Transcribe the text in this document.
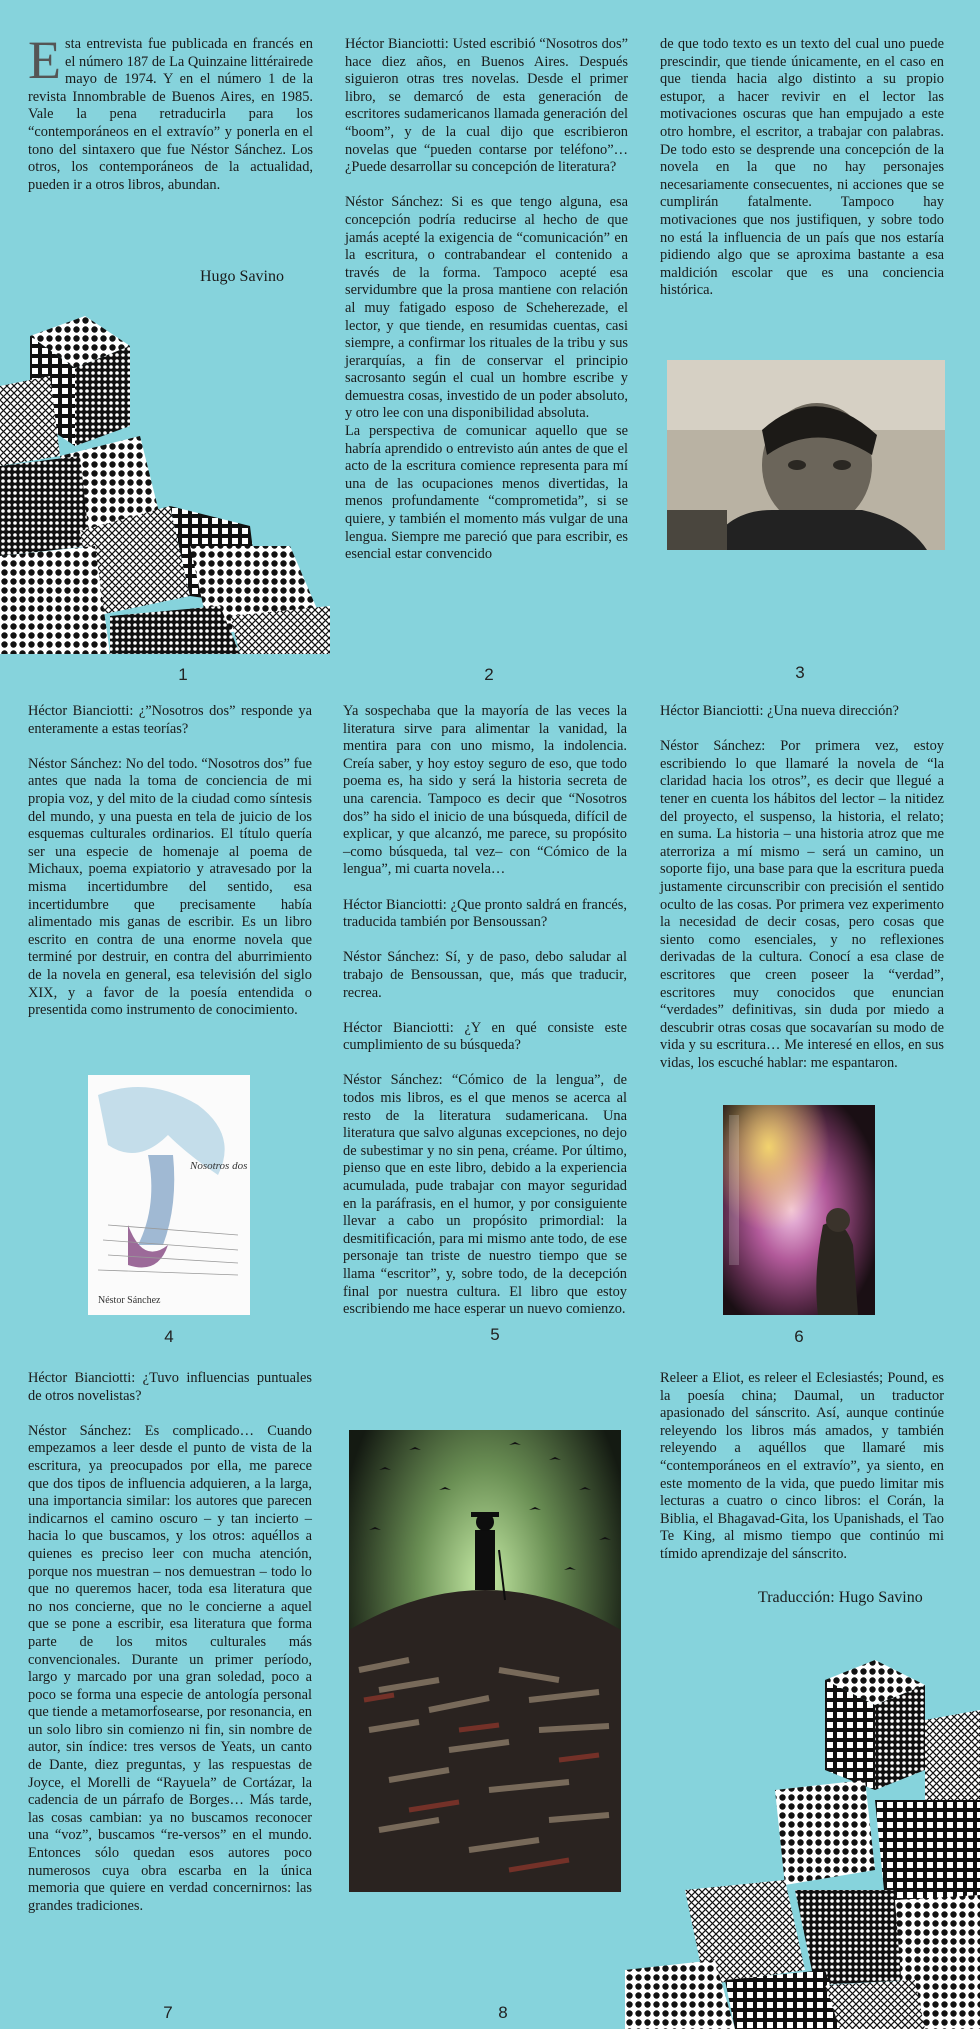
Esta entrevista fue publicada en francés en el número 187 de La Quinzaine littérairede mayo de 1974. Y en el número 1 de la revista Innombrable de Buenos Aires, en 1985. Vale la pena retraducirla para los “contemporáneos en el extravío” y ponerla en el tono del sintaxero que fue Néstor Sánchez. Los otros, los contemporáneos de la actualidad, pueden ir a otros libros, abundan.

Hugo Savino

Héctor Bianciotti: Usted escribió “Nosotros dos” hace diez años, en Buenos Aires. Después siguieron otras tres novelas. Desde el primer libro, se demarcó de esta generación de escritores sudamericanos llamada generación del “boom”, y de la cual dijo que escribieron novelas que “pueden contarse por teléfono”… ¿Puede desarrollar su concepción de literatura?

Néstor Sánchez: Si es que tengo alguna, esa concepción podría reducirse al hecho de que jamás acepté la exigencia de “comunicación” en la escritura, o contrabandear el contenido a través de la forma. Tampoco acepté esa servidumbre que la prosa mantiene con relación al muy fatigado esposo de Scheherezade, el lector, y que tiende, en resumidas cuentas, casi siempre, a confirmar los rituales de la tribu y sus jerarquías, a fin de conservar el principio sacrosanto según el cual un hombre escribe y demuestra cosas, investido de un poder absoluto, y otro lee con una disponibilidad absoluta.
La perspectiva de comunicar aquello que se habría aprendido o entrevisto aún antes de que el acto de la escritura comience representa para mí una de las ocupaciones menos divertidas, la menos profundamente “comprometida”, si se quiere, y también el momento más vulgar de una lengua. Siempre me pareció que para escribir, es esencial estar convencido

de que todo texto es un texto del cual uno puede prescindir, que tiende únicamente, en el caso en que tienda hacia algo distinto a su propio estupor, a hacer revivir en el lector las motivaciones oscuras que han empujado a este otro hombre, el escritor, a trabajar con palabras. De todo esto se desprende una concepción de la novela en la que no hay personajes necesariamente consecuentes, ni acciones que se cumplirán fatalmente. Tampoco hay motivaciones que nos justifiquen, y sobre todo no está la influencia de un país que nos estaría pidiendo algo que se aproxima bastante a esa maldición escolar que es una conciencia histórica.

1	2	3

Héctor Bianciotti: ¿”Nosotros dos” responde ya enteramente a estas teorías?

Néstor Sánchez: No del todo. “Nosotros dos” fue antes que nada la toma de conciencia de mi propia voz, y del mito de la ciudad como síntesis del mundo, y una puesta en tela de juicio de los esquemas culturales ordinarios. El título quería ser una especie de homenaje al poema de Michaux, poema expiatorio y atravesado por la misma incertidumbre del sentido, esa incertidumbre que precisamente había alimentado mis ganas de escribir. Es un libro escrito en contra de una enorme novela que terminé por destruir, en contra del aburrimiento de la novela en general, esa televisión del siglo XIX, y a favor de la poesía entendida o presentida como instrumento de conocimiento.

Nosotros dos
Néstor Sánchez

Ya sospechaba que la mayoría de las veces la literatura sirve para alimentar la vanidad, la mentira para con uno mismo, la indolencia. Creía saber, y hoy estoy seguro de eso, que todo poema es, ha sido y será la historia secreta de una carencia. Tampoco es decir que “Nosotros dos” ha sido el inicio de una búsqueda, difícil de explicar, y que alcanzó, me parece, su propósito –como búsqueda, tal vez– con “Cómico de la lengua”, mi cuarta novela…

Héctor Bianciotti: ¿Que pronto saldrá en francés, traducida también por Bensoussan?

Néstor Sánchez: Sí, y de paso, debo saludar al trabajo de Bensoussan, que, más que traducir, recrea.

Héctor Bianciotti: ¿Y en qué consiste este cumplimiento de su búsqueda?

Néstor Sánchez: “Cómico de la lengua”, de todos mis libros, es el que menos se acerca al resto de la literatura sudamericana. Una literatura que salvo algunas excepciones, no dejo de subestimar y no sin pena, créame. Por último, pienso que en este libro, debido a la experiencia acumulada, pude trabajar con mayor seguridad en la paráfrasis, en el humor, y por consiguiente llevar a cabo un propósito primordial: la desmitificación, para mi mismo ante todo, de ese personaje tan triste de nuestro tiempo que se llama “escritor”, y, sobre todo, de la decepción final por nuestra cultura. El libro que estoy escribiendo me hace esperar un nuevo comienzo.

Héctor Bianciotti: ¿Una nueva dirección?

Néstor Sánchez: Por primera vez, estoy escribiendo lo que llamaré la novela de “la claridad hacia los otros”, es decir que llegué a tener en cuenta los hábitos del lector – la nitidez del proyecto, el suspenso, la historia, el relato; en suma. La historia – una historia atroz que me aterroriza a mí mismo – será un camino, un soporte fijo, una base para que la escritura pueda justamente circunscribir con precisión el sentido oculto de las cosas. Por primera vez experimento la necesidad de decir cosas, pero cosas que siento como esenciales, y no reflexiones derivadas de la cultura. Conocí a esa clase de escritores que creen poseer la “verdad”, escritores muy conocidos que enuncian “verdades” definitivas, sin duda por miedo a descubrir otras cosas que socavarían su modo de vida y su escritura… Me interesé en ellos, en sus vidas, los escuché hablar: me espantaron.

4	5	6

Héctor Bianciotti: ¿Tuvo influencias puntuales de otros novelistas?

Néstor Sánchez: Es complicado… Cuando empezamos a leer desde el punto de vista de la escritura, ya preocupados por ella, me parece que dos tipos de influencia adquieren, a la larga, una importancia similar: los autores que parecen indicarnos el camino oscuro – y tan incierto – hacia lo que buscamos, y los otros: aquéllos a quienes es preciso leer con mucha atención, porque nos muestran – nos demuestran – todo lo que no queremos hacer, toda esa literatura que no nos concierne, que no le concierne a aquel que se pone a escribir, esa literatura que forma parte de los mitos culturales más convencionales. Durante un primer período, largo y marcado por una gran soledad, poco a poco se forma una especie de antología personal que tiende a metamorfosearse, por resonancia, en un solo libro sin comienzo ni fin, sin nombre de autor, sin índice: tres versos de Yeats, un canto de Dante, diez preguntas, y las respuestas de Joyce, el Morelli de “Rayuela” de Cortázar, la cadencia de un párrafo de Borges… Más tarde, las cosas cambian: ya no buscamos reconocer una “voz”, buscamos “re-versos” en el mundo. Entonces sólo quedan esos autores poco numerosos cuya obra escarba en la única memoria que quiere en verdad concernirnos: las grandes tradiciones.

Releer a Eliot, es releer el Eclesiastés; Pound, es la poesía china; Daumal, un traductor apasionado del sánscrito. Así, aunque continúe releyendo los libros más amados, y también releyendo a aquéllos que llamaré mis “contemporáneos en el extravío”, ya siento, en este momento de la vida, que puedo limitar mis lecturas a cuatro o cinco libros: el Corán, la Biblia, el Bhagavad-Gita, los Upanishads, el Tao Te King, al mismo tiempo que continúo mi tímido aprendizaje del sánscrito.

Traducción: Hugo Savino
7	8
